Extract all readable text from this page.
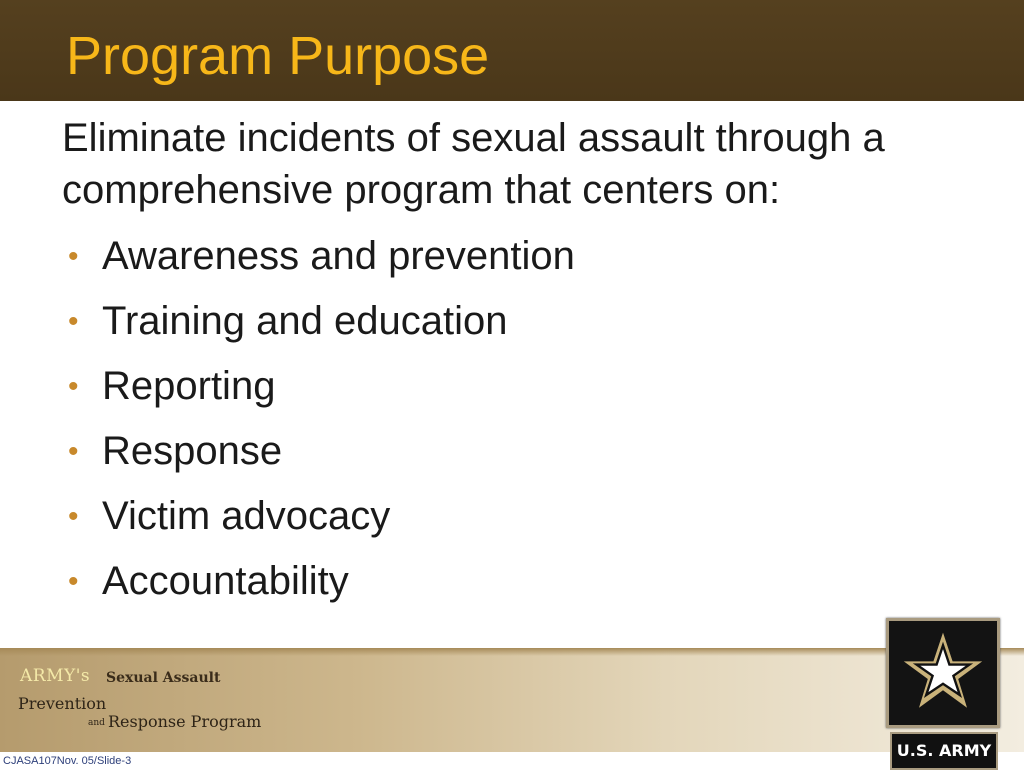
Program Purpose
Eliminate incidents of sexual assault through a comprehensive program that centers on:
• Awareness and prevention
• Training and education
• Reporting
• Response
• Victim advocacy
• Accountability
ARMY's Sexual Assault
Prevention
and Response Program
CJASA107Nov. 05/Slide-3
U.S. ARMY
